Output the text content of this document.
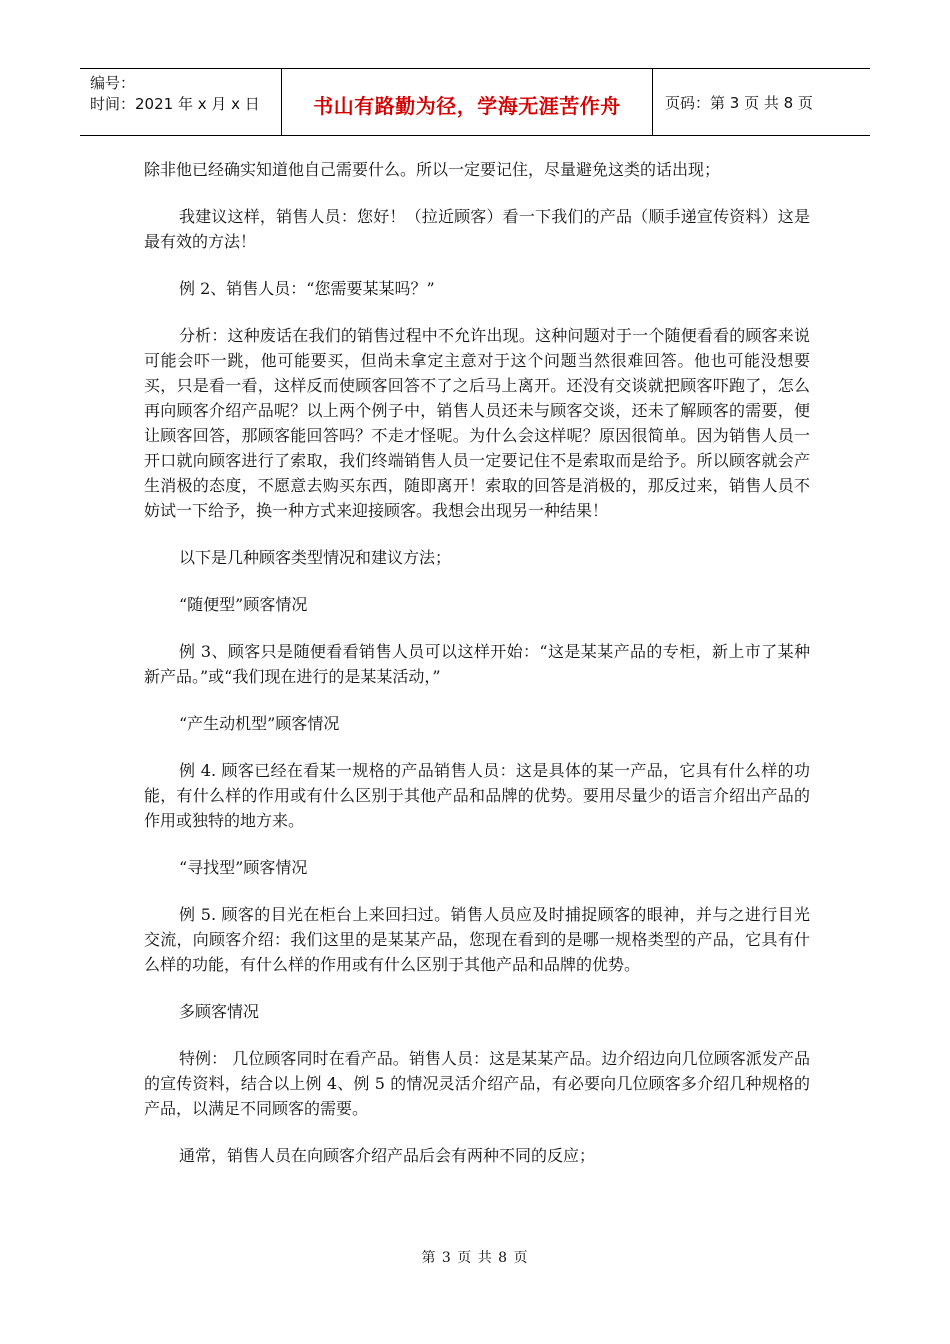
编号：
时间：2021 年 x 月 x 日	书山有路勤为径，学海无涯苦作舟	页码：第 3 页 共 8 页

除非他已经确实知道他自己需要什么。所以一定要记住，尽量避免这类的话出现；

我建议这样，销售人员：您好！（拉近顾客）看一下我们的产品（顺手递宣传资料）这是最有效的方法！

例 2、销售人员：“您需要某某吗？”

分析：这种废话在我们的销售过程中不允许出现。这种问题对于一个随便看看的顾客来说可能会吓一跳，他可能要买，但尚未拿定主意对于这个问题当然很难回答。他也可能没想要买，只是看一看，这样反而使顾客回答不了之后马上离开。还没有交谈就把顾客吓跑了，怎么再向顾客介绍产品呢？以上两个例子中，销售人员还未与顾客交谈，还未了解顾客的需要，便让顾客回答，那顾客能回答吗？不走才怪呢。为什么会这样呢？原因很简单。因为销售人员一开口就向顾客进行了索取，我们终端销售人员一定要记住不是索取而是给予。所以顾客就会产生消极的态度，不愿意去购买东西，随即离开！索取的回答是消极的，那反过来，销售人员不妨试一下给予，换一种方式来迎接顾客。我想会出现另一种结果！

以下是几种顾客类型情况和建议方法；

“随便型”顾客情况

例 3、顾客只是随便看看销售人员可以这样开始：“这是某某产品的专柜，新上市了某种新产品。”或“我们现在进行的是某某活动，”

“产生动机型”顾客情况

例 4. 顾客已经在看某一规格的产品销售人员：这是具体的某一产品，它具有什么样的功能，有什么样的作用或有什么区别于其他产品和品牌的优势。要用尽量少的语言介绍出产品的作用或独特的地方来。

“寻找型”顾客情况

例 5. 顾客的目光在柜台上来回扫过。销售人员应及时捕捉顾客的眼神，并与之进行目光交流，向顾客介绍：我们这里的是某某产品，您现在看到的是哪一规格类型的产品，它具有什么样的功能，有什么样的作用或有什么区别于其他产品和品牌的优势。

多顾客情况

特例： 几位顾客同时在看产品。销售人员：这是某某产品。边介绍边向几位顾客派发产品的宣传资料，结合以上例 4、例 5 的情况灵活介绍产品，有必要向几位顾客多介绍几种规格的产品，以满足不同顾客的需要。

通常，销售人员在向顾客介绍产品后会有两种不同的反应；

第 3 页 共 8 页
